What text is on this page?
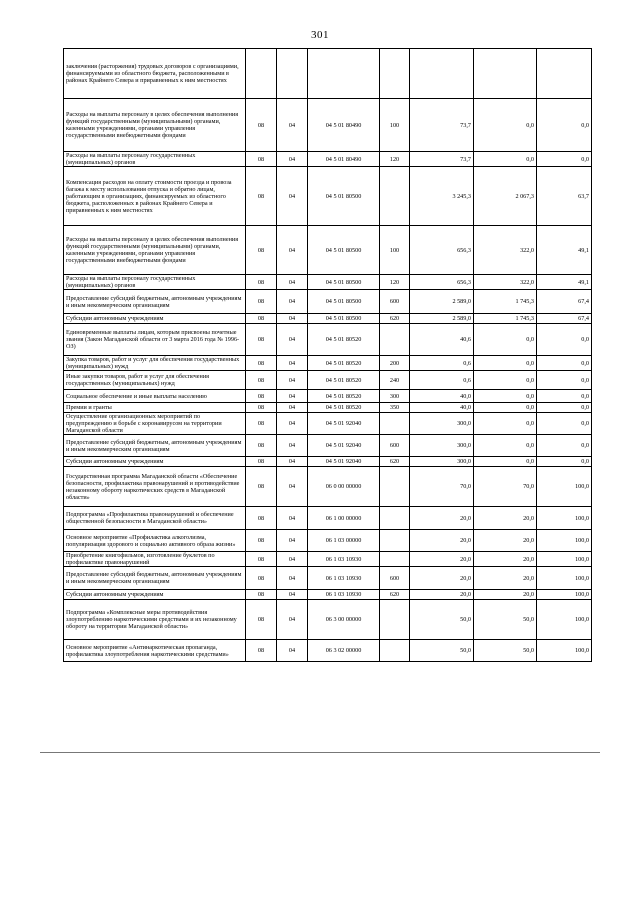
301
заключения (расторжения) трудовых договоров с организациями, финансируемыми из областного бюджета, расположенными в районах Крайнего Севера и приравненных к ним местностях							
Расходы на выплаты персоналу в целях обеспечения выполнения функций государственными (муниципальными) органами, казенными учреждениями, органами управления государственными внебюджетными фондами	08	04	04 5 01 80490	100	73,7	0,0	0,0
Расходы на выплаты персоналу государственных (муниципальных) органов	08	04	04 5 01 80490	120	73,7	0,0	0,0
Компенсация расходов на оплату стоимости проезда и провоза багажа к месту использования отпуска и обратно лицам, работающим в организациях, финансируемых из областного бюджета, расположенных в районах Крайнего Севера и приравненных к ним местностях	08	04	04 5 01 80500		3 245,3	2 067,3	63,7
Расходы на выплаты персоналу в целях обеспечения выполнения функций государственными (муниципальными) органами, казенными учреждениями, органами управления государственными внебюджетными фондами	08	04	04 5 01 80500	100	656,3	322,0	49,1
Расходы на выплаты персоналу государственных (муниципальных) органов	08	04	04 5 01 80500	120	656,3	322,0	49,1
Предоставление субсидий бюджетным, автономным учреждениям и иным некоммерческим организациям	08	04	04 5 01 80500	600	2 589,0	1 745,3	67,4
Субсидии автономным учреждениям	08	04	04 5 01 80500	620	2 589,0	1 745,3	67,4
Единовременные выплаты лицам, которым присвоены почетные звания (Закон Магаданской области от 3 марта 2016 года № 1996-ОЗ)	08	04	04 5 01 80520		40,6	0,0	0,0
Закупка товаров, работ и услуг для обеспечения государственных (муниципальных) нужд	08	04	04 5 01 80520	200	0,6	0,0	0,0
Иные закупки товаров, работ и услуг для обеспечения государственных (муниципальных) нужд	08	04	04 5 01 80520	240	0,6	0,0	0,0
Социальное обеспечение и иные выплаты населению	08	04	04 5 01 80520	300	40,0	0,0	0,0
Премии и гранты	08	04	04 5 01 80520	350	40,0	0,0	0,0
Осуществление организационных мероприятий по предупреждению и борьбе с коронавирусом на территории Магаданской области	08	04	04 5 01 92040		300,0	0,0	0,0
Предоставление субсидий бюджетным, автономным учреждениям и иным некоммерческим организациям	08	04	04 5 01 92040	600	300,0	0,0	0,0
Субсидии автономным учреждениям	08	04	04 5 01 92040	620	300,0	0,0	0,0
Государственная программа Магаданской области «Обеспечение безопасности, профилактика правонарушений и противодействие незаконному обороту наркотических средств в Магаданской области»	08	04	06 0 00 00000		70,0	70,0	100,0
Подпрограмма «Профилактика правонарушений и обеспечение общественной безопасности в Магаданской области»	08	04	06 1 00 00000		20,0	20,0	100,0
Основное мероприятие «Профилактика алкоголизма, популяризация здорового и социально активного образа жизни»	08	04	06 1 03 00000		20,0	20,0	100,0
Приобретение книгофильмов, изготовление буклетов по профилактике правонарушений	08	04	06 1 03 10930		20,0	20,0	100,0
Предоставление субсидий бюджетным, автономным учреждениям и иным некоммерческим организациям	08	04	06 1 03 10930	600	20,0	20,0	100,0
Субсидии автономным учреждениям	08	04	06 1 03 10930	620	20,0	20,0	100,0
Подпрограмма «Комплексные меры противодействия злоупотреблению наркотическими средствами и их незаконному обороту на территории Магаданской области»	08	04	06 3 00 00000		50,0	50,0	100,0
Основное мероприятие «Антинаркотическая пропаганда, профилактика злоупотребления наркотическими средствами»	08	04	06 3 02 00000		50,0	50,0	100,0
